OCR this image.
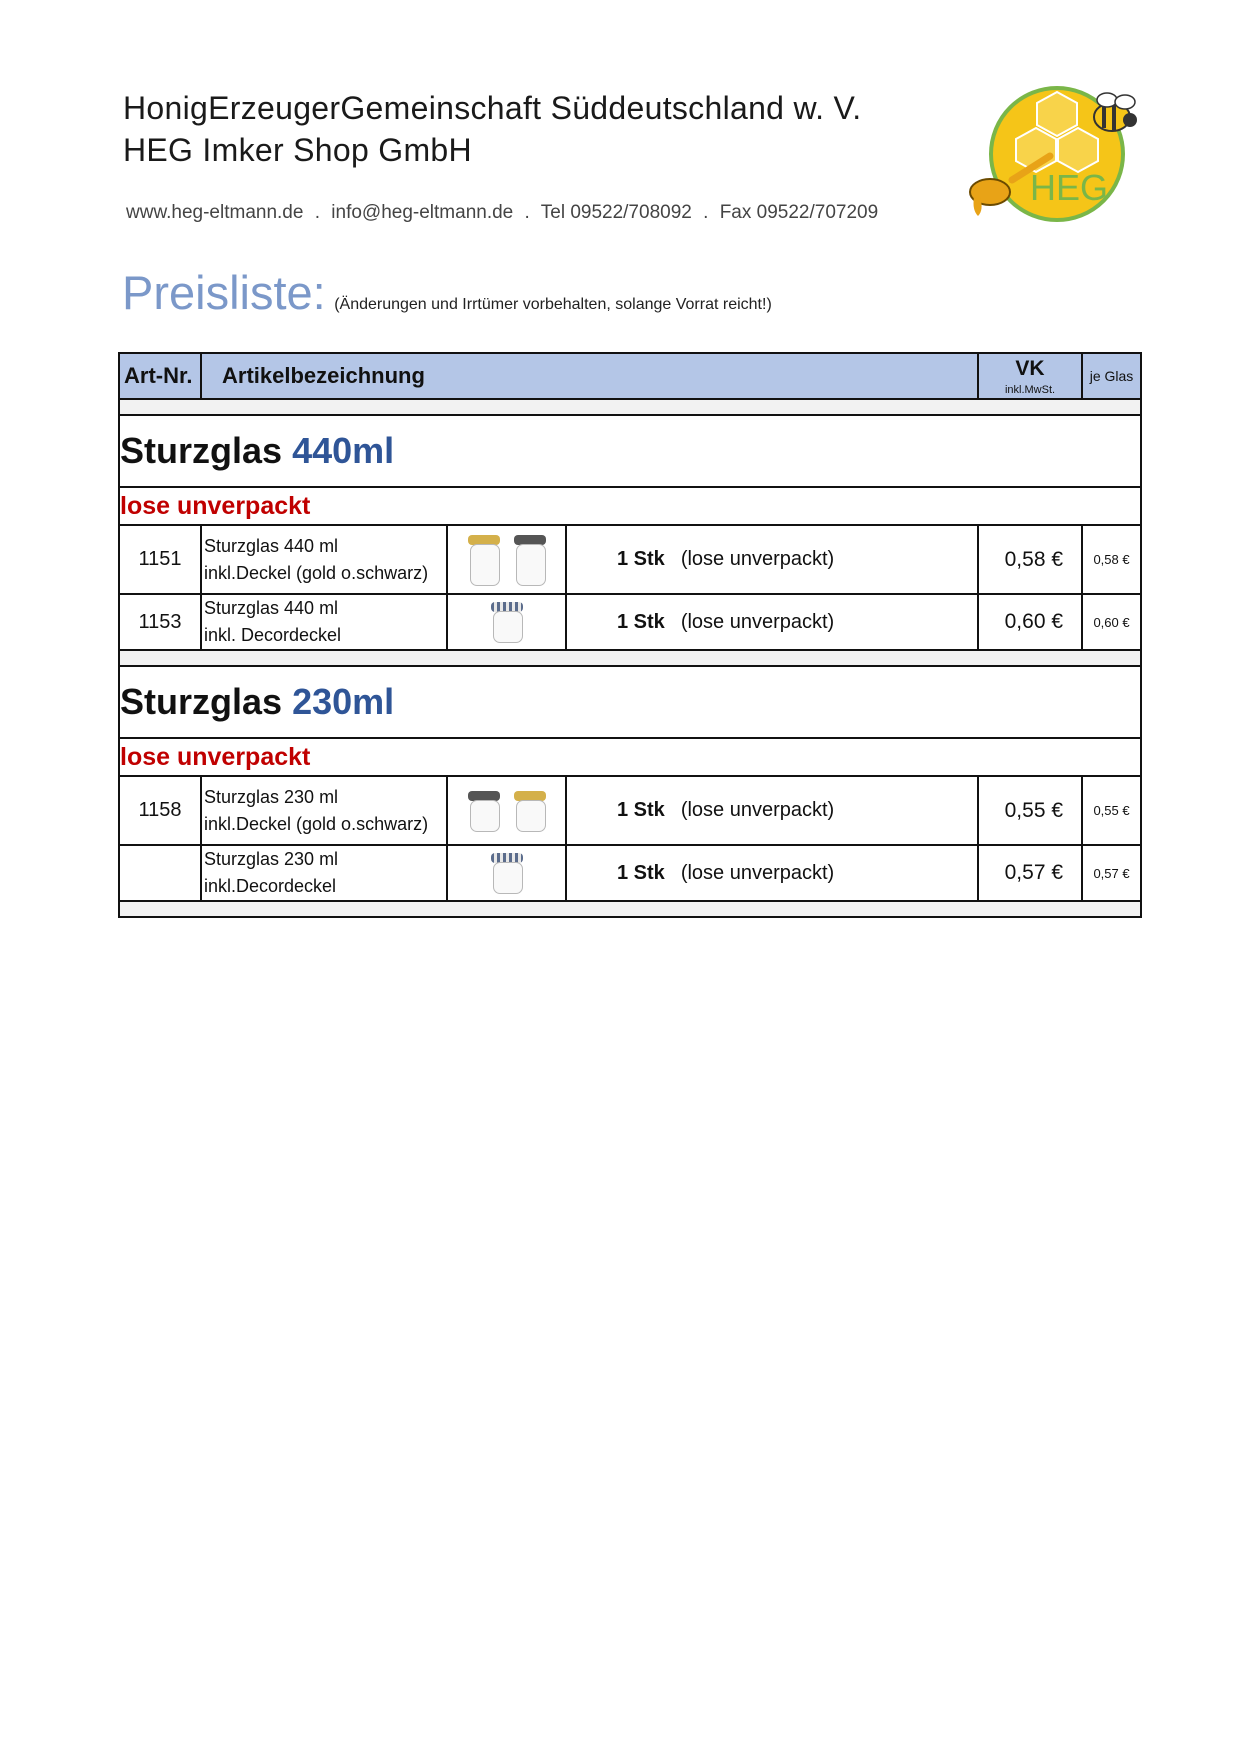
HonigErzeugerGemeinschaft Süddeutschland w. V.
HEG Imker Shop GmbH
www.heg-eltmann.de . info@heg-eltmann.de . Tel 09522/708092 . Fax 09522/707209
HEG
Preisliste: (Änderungen und Irrtümer vorbehalten, solange Vorrat reicht!)
Art-Nr.	Artikelbezeichnung			VK
inkl.MwSt.	je Glas

Sturzglas 440ml					
lose unverpackt					
1151	Sturzglas 440 ml
inkl.Deckel (gold o.schwarz)		1 Stk (lose unverpackt)	0,58 €	0,58 €
1153	Sturzglas 440 ml
inkl. Decordeckel		1 Stk (lose unverpackt)	0,60 €	0,60 €

Sturzglas 230ml					
lose unverpackt					
1158	Sturzglas 230 ml
inkl.Deckel (gold o.schwarz)		1 Stk (lose unverpackt)	0,55 €	0,55 €

	Sturzglas 230 ml
inkl.Decordeckel		1 Stk (lose unverpackt)	0,57 €	0,57 €
